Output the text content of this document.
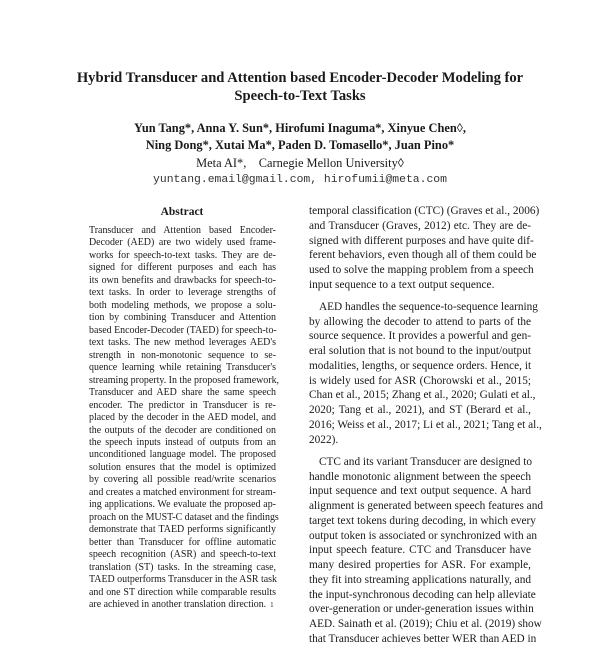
Hybrid Transducer and Attention based Encoder-Decoder Modeling for
Speech-to-Text Tasks
Yun Tang*, Anna Y. Sun*, Hirofumi Inaguma*, Xinyue Chen◊,
Ning Dong*, Xutai Ma*, Paden D. Tomasello*, Juan Pino*
Meta AI*,    Carnegie Mellon University◊
yuntang.email@gmail.com, hirofumii@meta.com
Abstract
Transducer and Attention based Encoder-
Decoder (AED) are two widely used frame-
works for speech-to-text tasks. They are de-
signed for different purposes and each has
its own benefits and drawbacks for speech-to-
text tasks. In order to leverage strengths of
both modeling methods, we propose a solu-
tion by combining Transducer and Attention
based Encoder-Decoder (TAED) for speech-to-
text tasks. The new method leverages AED's
strength in non-monotonic sequence to se-
quence learning while retaining Transducer's
streaming property. In the proposed framework,
Transducer and AED share the same speech
encoder. The predictor in Transducer is re-
placed by the decoder in the AED model, and
the outputs of the decoder are conditioned on
the speech inputs instead of outputs from an
unconditioned language model. The proposed
solution ensures that the model is optimized
by covering all possible read/write scenarios
and creates a matched environment for stream-
ing applications. We evaluate the proposed ap-
proach on the MUST-C dataset and the findings
demonstrate that TAED performs significantly
better than Transducer for offline automatic
speech recognition (ASR) and speech-to-text
translation (ST) tasks. In the streaming case,
TAED outperforms Transducer in the ASR task
and one ST direction while comparable results
are achieved in another translation direction. $^1$
temporal classification (CTC) (Graves et al., 2006)
and Transducer (Graves, 2012) etc. They are de-
signed with different purposes and have quite dif-
ferent behaviors, even though all of them could be
used to solve the mapping problem from a speech
input sequence to a text output sequence.
AED handles the sequence-to-sequence learning
by allowing the decoder to attend to parts of the
source sequence. It provides a powerful and gen-
eral solution that is not bound to the input/output
modalities, lengths, or sequence orders. Hence, it
is widely used for ASR (Chorowski et al., 2015;
Chan et al., 2015; Zhang et al., 2020; Gulati et al.,
2020; Tang et al., 2021), and ST (Berard et al.,
2016; Weiss et al., 2017; Li et al., 2021; Tang et al.,
2022).
CTC and its variant Transducer are designed to
handle monotonic alignment between the speech
input sequence and text output sequence. A hard
alignment is generated between speech features and
target text tokens during decoding, in which every
output token is associated or synchronized with an
input speech feature. CTC and Transducer have
many desired properties for ASR. For example,
they fit into streaming applications naturally, and
the input-synchronous decoding can help alleviate
over-generation or under-generation issues within
AED. Sainath et al. (2019); Chiu et al. (2019) show
that Transducer achieves better WER than AED in
